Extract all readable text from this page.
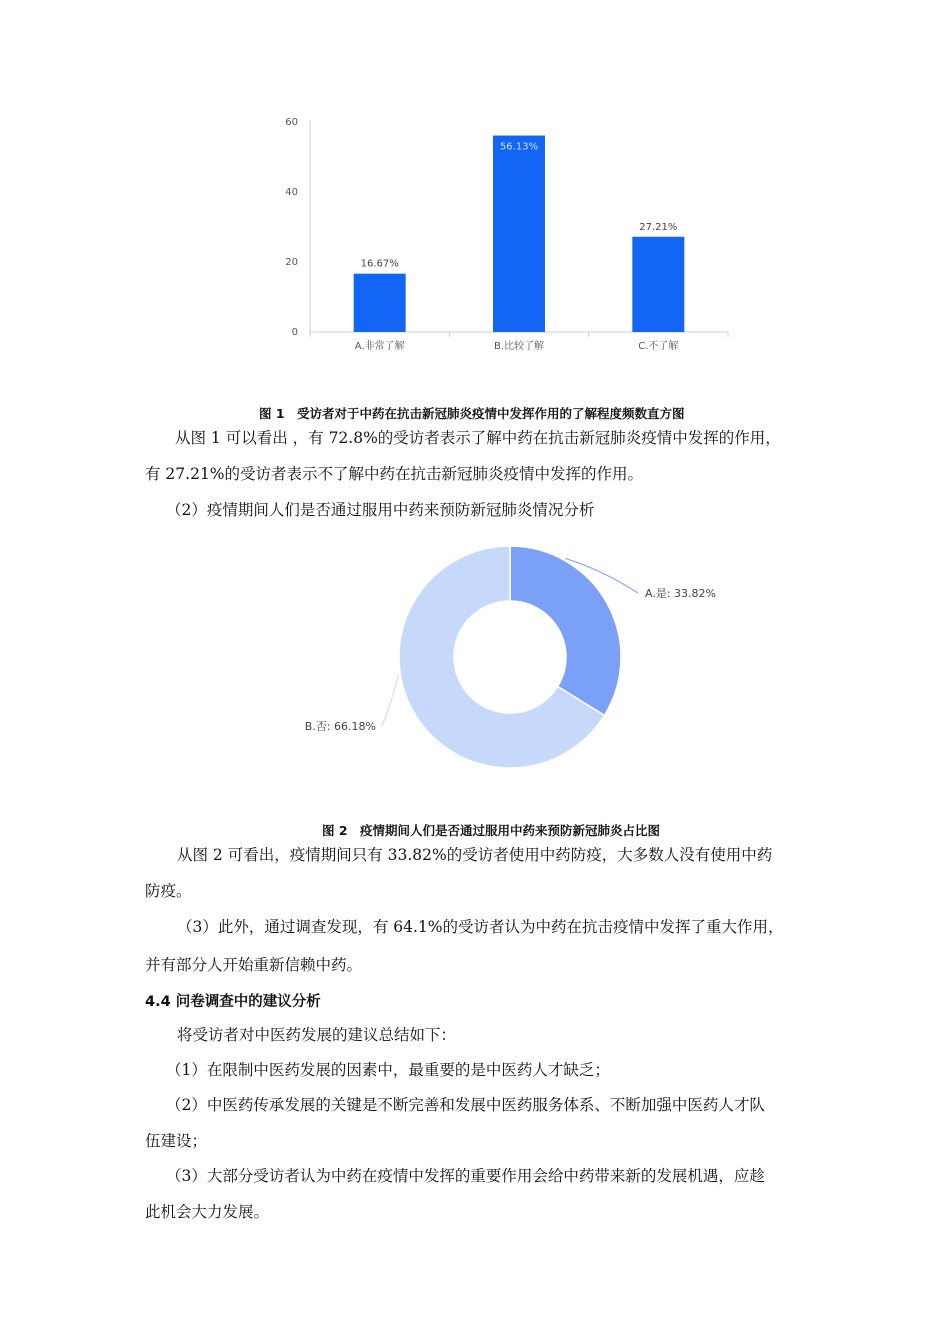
0
20
40
60
16.67%
A.非常了解
56.13%
B.比较了解
27.21%
C.不了解
图 1　受访者对于中药在抗击新冠肺炎疫情中发挥作用的了解程度频数直方图
从图 1 可以看出 ，有 72.8%的受访者表示了解中药在抗击新冠肺炎疫情中发挥的作用，
有 27.21%的受访者表示不了解中药在抗击新冠肺炎疫情中发挥的作用。
（2）疫情期间人们是否通过服用中药来预防新冠肺炎情况分析
A.是: 33.82%
B.否: 66.18%
图 2　疫情期间人们是否通过服用中药来预防新冠肺炎占比图
从图 2 可看出，疫情期间只有 33.82%的受访者使用中药防疫，大多数人没有使用中药
防疫。
（3）此外，通过调查发现，有 64.1%的受访者认为中药在抗击疫情中发挥了重大作用，
并有部分人开始重新信赖中药。
4.4 问卷调查中的建议分析
将受访者对中医药发展的建议总结如下：
（1）在限制中医药发展的因素中，最重要的是中医药人才缺乏；
（2）中医药传承发展的关键是不断完善和发展中医药服务体系、不断加强中医药人才队
伍建设；
（3）大部分受访者认为中药在疫情中发挥的重要作用会给中药带来新的发展机遇，应趁
此机会大力发展。
